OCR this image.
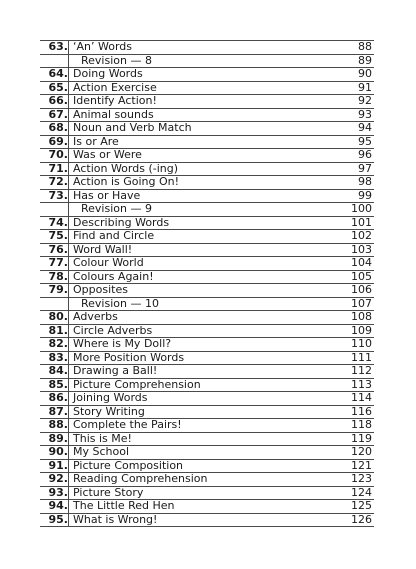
63.	‘An’ Words	88
	Revision — 8	89
64.	Doing Words	90
65.	Action Exercise	91
66.	Identify Action!	92
67.	Animal sounds	93
68.	Noun and Verb Match	94
69.	Is or Are	95
70.	Was or Were	96
71.	Action Words (-ing)	97
72.	Action is Going On!	98
73.	Has or Have	99
	Revision — 9	100
74.	Describing Words	101
75.	Find and Circle	102
76.	Word Wall!	103
77.	Colour World	104
78.	Colours Again!	105
79.	Opposites	106
	Revision — 10	107
80.	Adverbs	108
81.	Circle Adverbs	109
82.	Where is My Doll?	110
83.	More Position Words	111
84.	Drawing a Ball!	112
85.	Picture Comprehension	113
86.	Joining Words	114
87.	Story Writing	116
88.	Complete the Pairs!	118
89.	This is Me!	119
90.	My School	120
91.	Picture Composition	121
92.	Reading Comprehension	123
93.	Picture Story	124
94.	The Little Red Hen	125
95.	What is Wrong!	126
